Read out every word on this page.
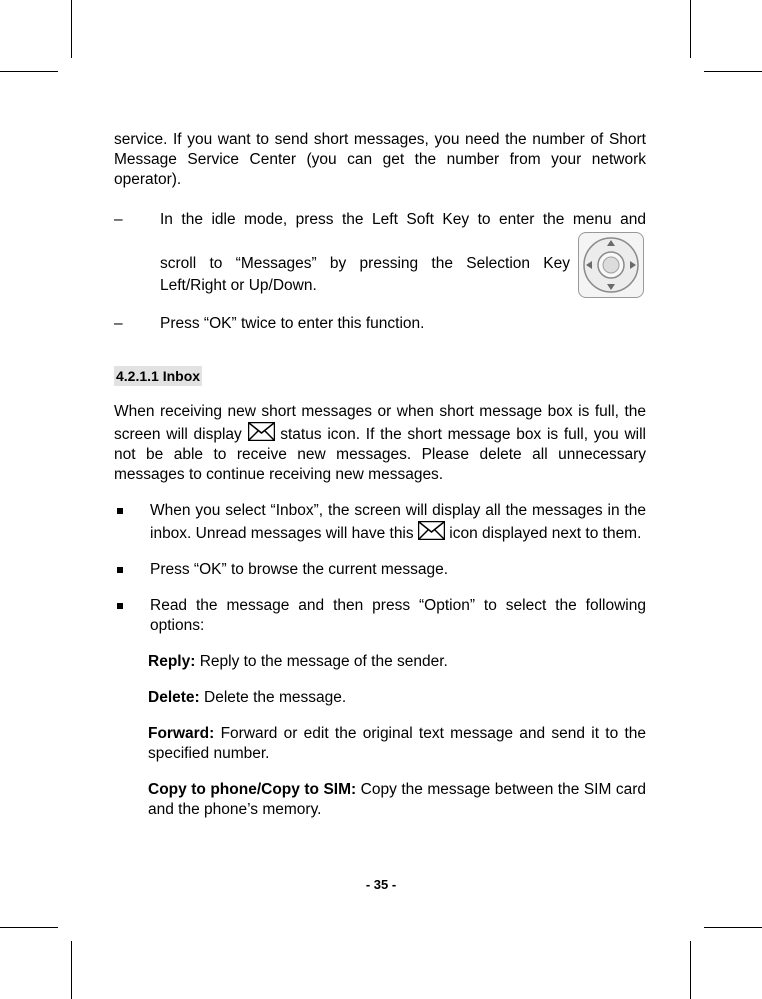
service. If you want to send short messages, you need the number of Short Message Service Center (you can get the number from your network operator).

– In the idle mode, press the Left Soft Key to enter the menu and
scroll to “Messages” by pressing the Selection Key
Left/Right or Up/Down.
– Press “OK” twice to enter this function.
4.2.1.1 Inbox

When receiving new short messages or when short message box is full, the screen will display status icon. If the short message box is full, you will not be able to receive new messages. Please delete all unnecessary messages to continue receiving new messages.

When you select “Inbox”, the screen will display all the messages in the inbox. Unread messages will have this icon displayed next to them.
Press “OK” to browse the current message.
Read the message and then press “Option” to select the following options:
Reply: Reply to the message of the sender.
Delete: Delete the message.
Forward: Forward or edit the original text message and send it to the specified number.
Copy to phone/Copy to SIM: Copy the message between the SIM card and the phone’s memory.
- 35 -
